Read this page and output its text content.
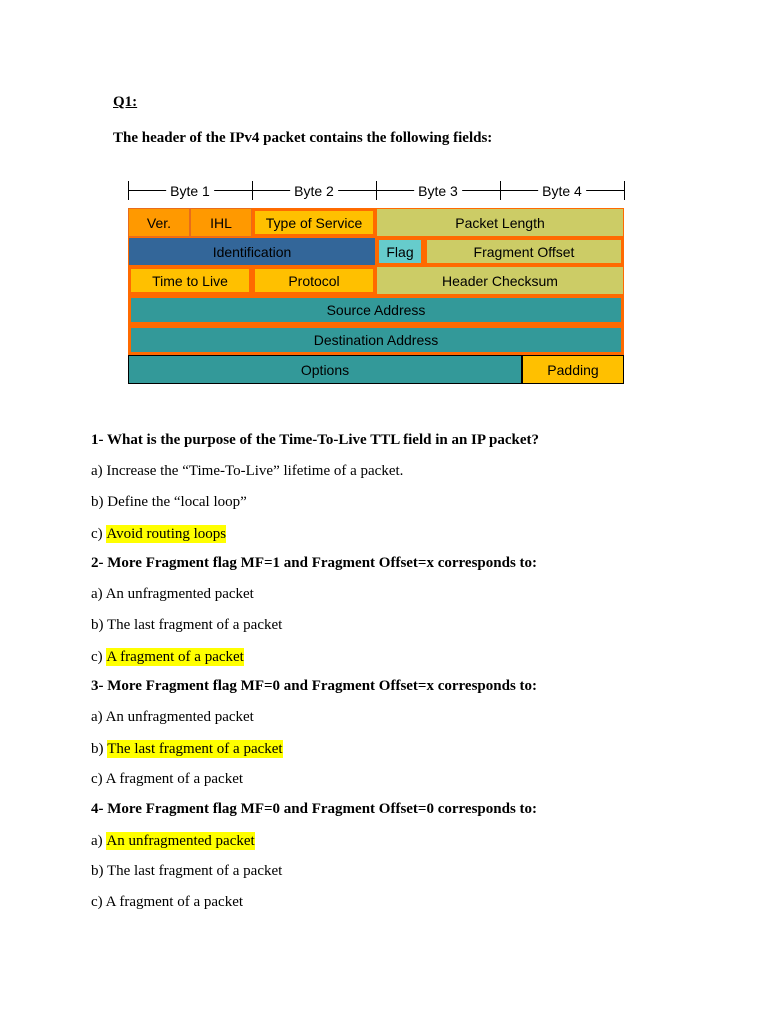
Q1:
The header of the IPv4 packet contains the following fields:
Byte 1	Byte 2	Byte 3	Byte 4
Ver.	IHL	Type of Service	Packet Length
Identification	Flag	Fragment Offset
Time to Live	Protocol	Header Checksum
Source Address
Destination Address
Options	Padding
1- What is the purpose of the Time-To-Live TTL field in an IP packet?
a) Increase the “Time-To-Live” lifetime of a packet.
b) Define the “local loop”
c) Avoid routing loops
2- More Fragment flag MF=1 and Fragment Offset=x corresponds to:
a) An unfragmented packet
b) The last fragment of a packet
c) A fragment of a packet
3- More Fragment flag MF=0 and Fragment Offset=x corresponds to:
a) An unfragmented packet
b) The last fragment of a packet
c) A fragment of a packet
4- More Fragment flag MF=0 and Fragment Offset=0 corresponds to:
a) An unfragmented packet
b) The last fragment of a packet
c) A fragment of a packet
